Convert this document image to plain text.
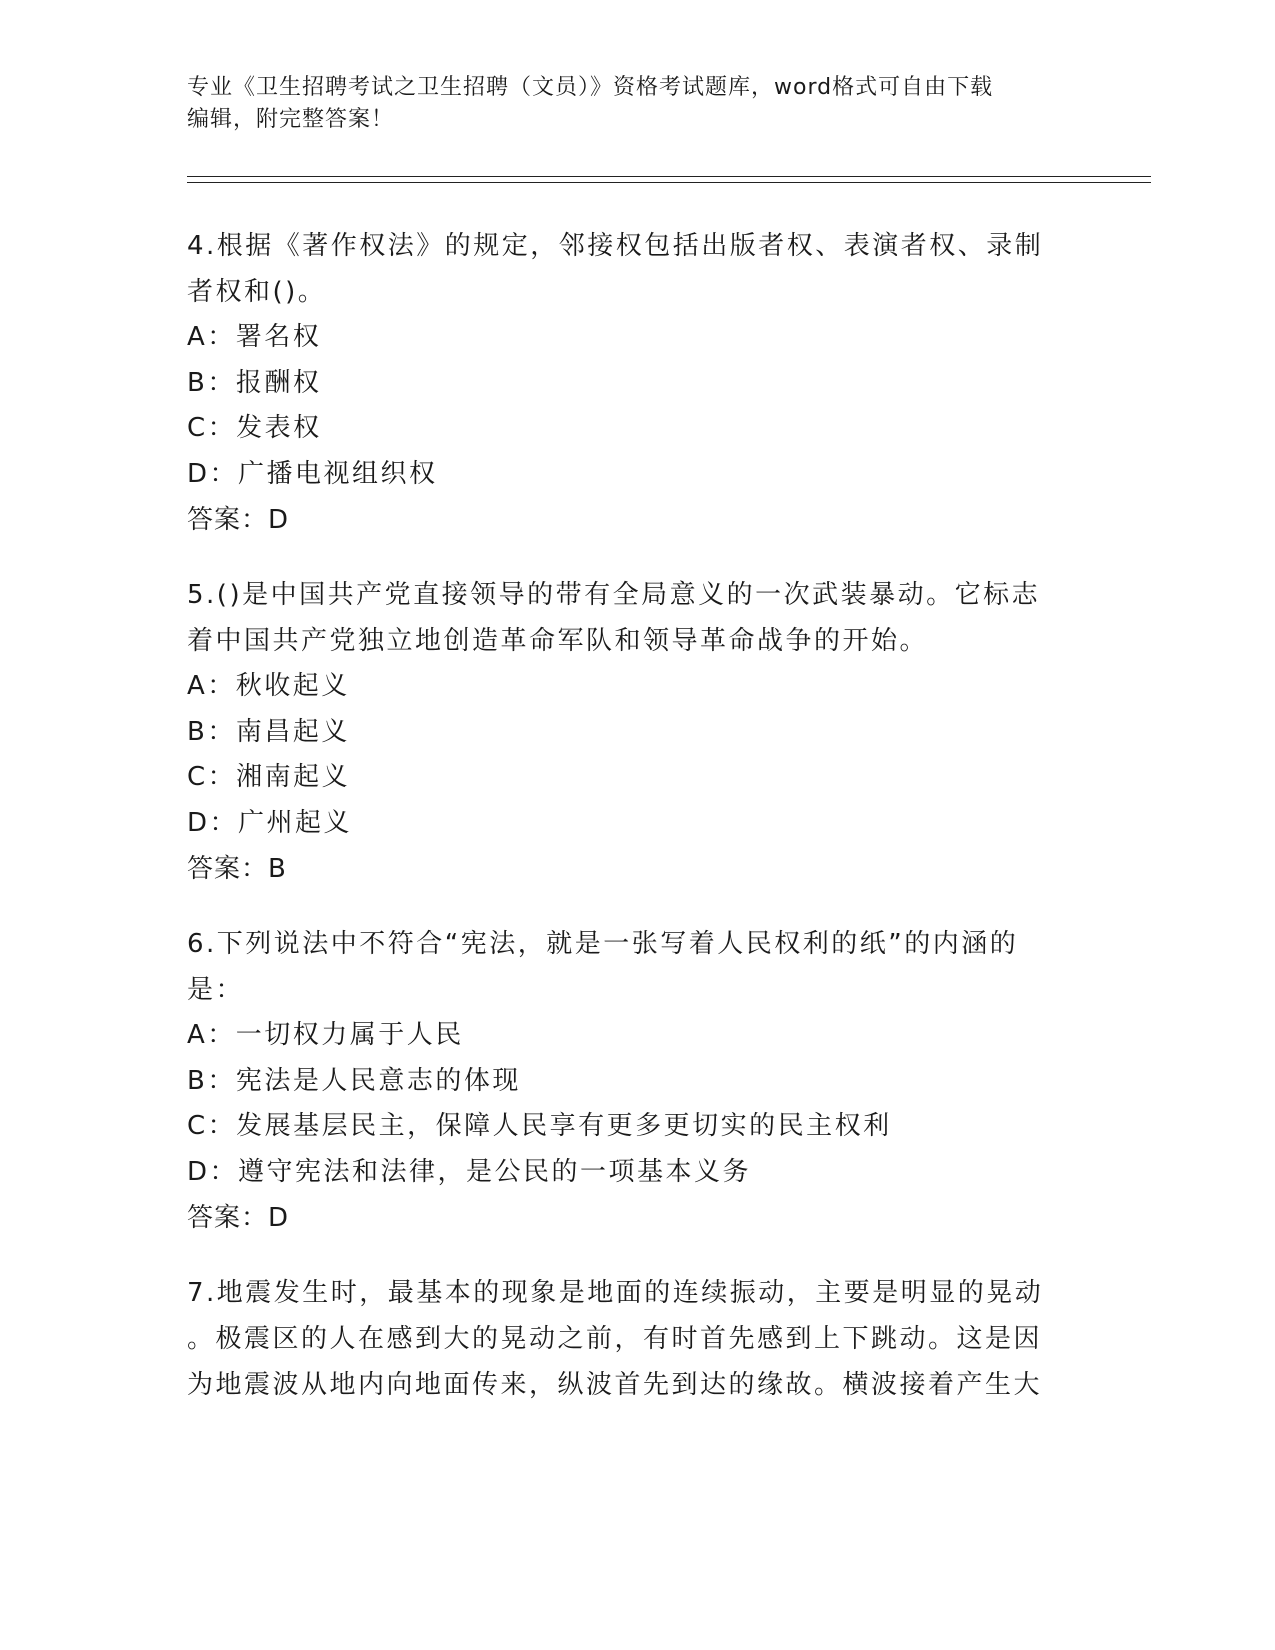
专业《卫生招聘考试之卫生招聘（文员）》资格考试题库，word格式可自由下载
编辑，附完整答案！
4.根据《著作权法》的规定，邻接权包括出版者权、表演者权、录制
者权和()。
A：署名权
B：报酬权
C：发表权
D：广播电视组织权
答案：D
5.()是中国共产党直接领导的带有全局意义的一次武装暴动。它标志
着中国共产党独立地创造革命军队和领导革命战争的开始。
A：秋收起义
B：南昌起义
C：湘南起义
D：广州起义
答案：B
6.下列说法中不符合“宪法，就是一张写着人民权利的纸”的内涵的
是：
A：一切权力属于人民
B：宪法是人民意志的体现
C：发展基层民主，保障人民享有更多更切实的民主权利
D：遵守宪法和法律，是公民的一项基本义务
答案：D
7.地震发生时，最基本的现象是地面的连续振动，主要是明显的晃动
。极震区的人在感到大的晃动之前，有时首先感到上下跳动。这是因
为地震波从地内向地面传来，纵波首先到达的缘故。横波接着产生大
